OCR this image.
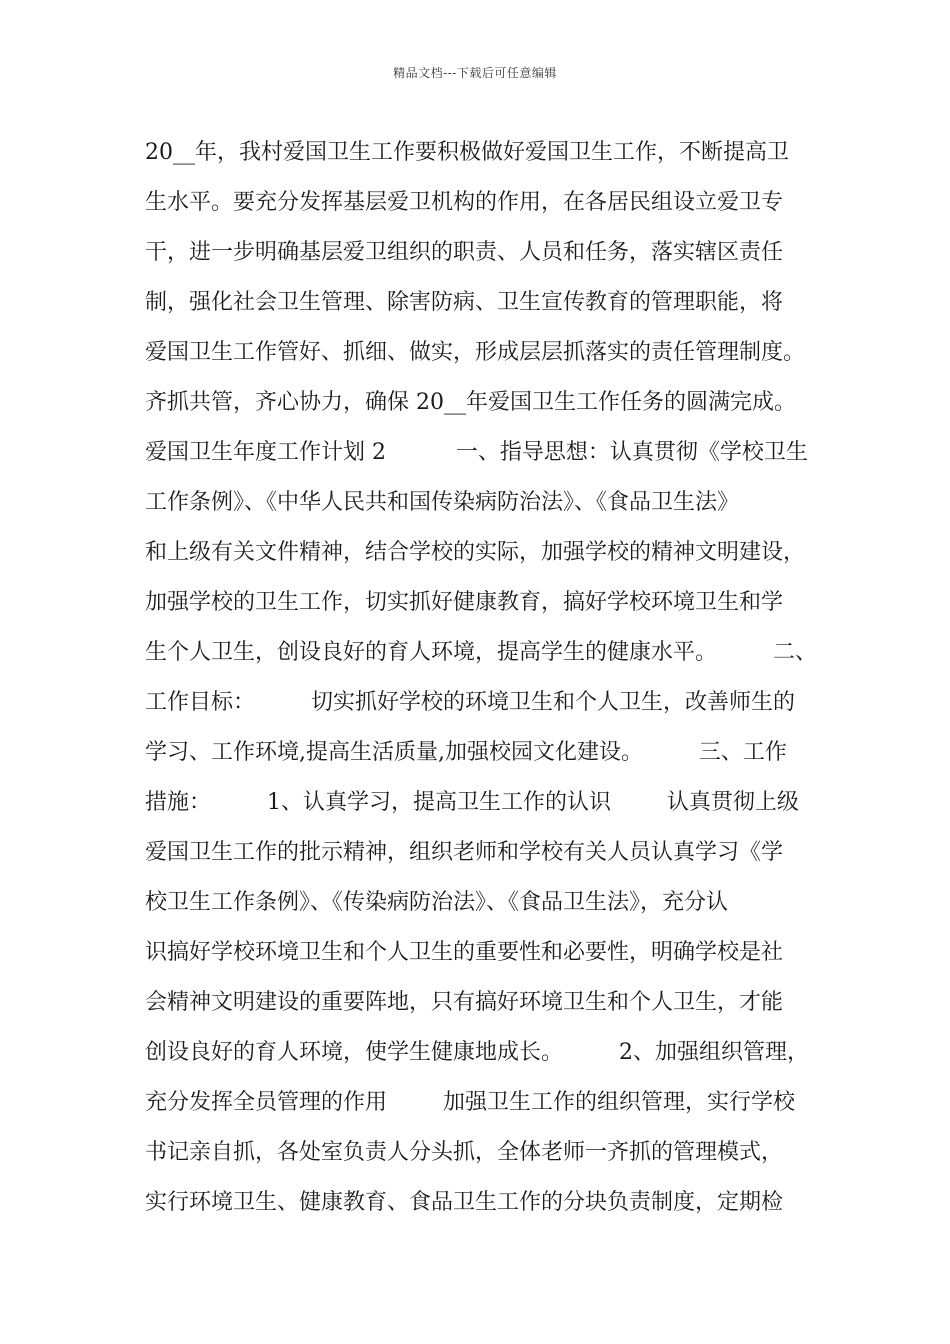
精品文档---下载后可任意编辑
20__年，我村爱国卫生工作要积极做好爱国卫生工作，不断提高卫
生水平。要充分发挥基层爱卫机构的作用，在各居民组设立爱卫专
干，进一步明确基层爱卫组织的职责、人员和任务，落实辖区责任
制，强化社会卫生管理、除害防病、卫生宣传教育的管理职能，将
爱国卫生工作管好、抓细、做实，形成层层抓落实的责任管理制度。
齐抓共管，齐心协力，确保 20__年爱国卫生工作任务的圆满完成。
爱国卫生年度工作计划 2          一、指导思想：认真贯彻《学校卫生
工作条例》、《中华人民共和国传染病防治法》、《食品卫生法》
和上级有关文件精神，结合学校的实际，加强学校的精神文明建设，
加强学校的卫生工作，切实抓好健康教育，搞好学校环境卫生和学
生个人卫生，创设良好的育人环境，提高学生的健康水平。        二、
工作目标：        切实抓好学校的环境卫生和个人卫生，改善师生的
学习、工作环境,提高生活质量,加强校园文化建设。        三、工作
措施：        1、认真学习，提高卫生工作的认识        认真贯彻上级
爱国卫生工作的批示精神，组织老师和学校有关人员认真学习《学
校卫生工作条例》、《传染病防治法》、《食品卫生法》，充分认
识搞好学校环境卫生和个人卫生的重要性和必要性，明确学校是社
会精神文明建设的重要阵地，只有搞好环境卫生和个人卫生，才能
创设良好的育人环境，使学生健康地成长。        2、加强组织管理，
充分发挥全员管理的作用        加强卫生工作的组织管理，实行学校
书记亲自抓，各处室负责人分头抓，全体老师一齐抓的管理模式，
实行环境卫生、健康教育、食品卫生工作的分块负责制度，定期检
